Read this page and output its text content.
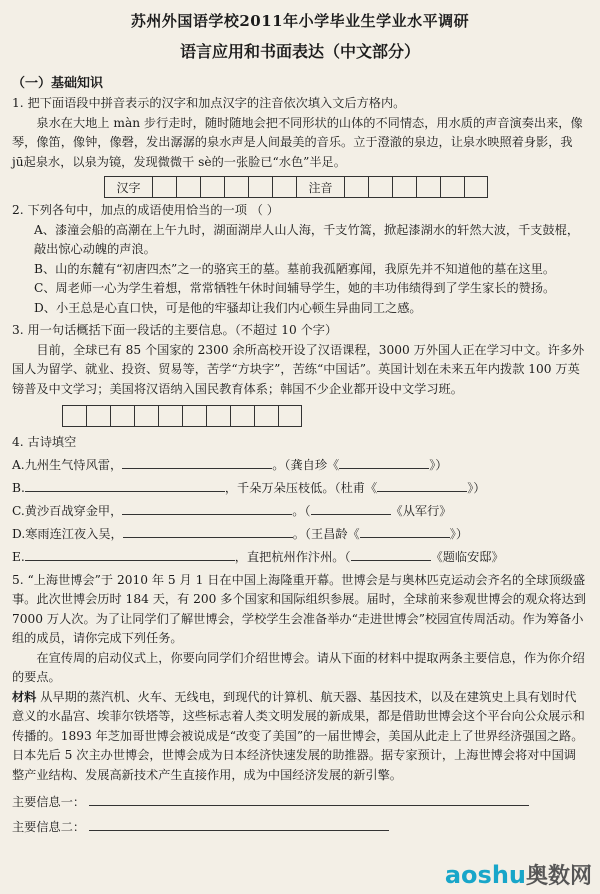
苏州外国语学校2011年小学毕业生学业水平调研
语言应用和书面表达（中文部分）
（一）基础知识

1. 把下面语段中拼音表示的汉字和加点汉字的注音依次填入文后方格内。

泉水在大地上 màn 步行走时，随时随地会把不同形状的山体的不同情态，用水质的声音演奏出来，像琴，像笛，像钟，像磬，发出潺潺的泉水声是人间最美的音乐。立于澄澈的泉边，让泉水映照着身影，我 jū起泉水，以泉为镜，发现微微干 sè的一张脸已“水色”半足。

汉字	注音

2. 下列各句中，加点的成语使用恰当的一项 （ ）

A、漆潼会船的高潮在上午九时，湖面湖岸人山人海，千支竹篙，掀起漆湖水的轩然大波，千支鼓棍，敲出惊心动魄的声浪。

B、山的东麓有“初唐四杰”之一的骆宾王的墓。墓前我孤陋寡闻，我原先并不知道他的墓在这里。

C、周老师一心为学生着想，常常牺牲午休时间辅导学生，她的丰功伟绩得到了学生家长的赞扬。

D、小王总是心直口快，可是他的牢骚却让我们内心顿生异曲同工之感。

3. 用一句话概括下面一段话的主要信息。（不超过 10 个字）

目前，全球已有 85 个国家的 2300 余所高校开设了汉语课程，3000 万外国人正在学习中文。许多外国人为留学、就业、投资、贸易等，苦学“方块字”，苦练“中国话”。英国计划在未来五年内拨款 100 万英镑普及中文学习；美国将汉语纳入国民教育体系；韩国不少企业都开设中文学习班。

4. 古诗填空

A. 九州生气恃风雷，	。（龚自珍《	》）
B.	，千朵万朵压枝低。（杜甫《	》）
C. 黄沙百战穿金甲，	。（	《从军行》
D. 寒雨连江夜入吴，	。（王昌龄《	》）
E.	，直把杭州作汴州。（	《题临安邸》

5. “上海世博会”于 2010 年 5 月 1 日在中国上海隆重开幕。世博会是与奥林匹克运动会齐名的全球顶级盛事。此次世博会历时 184 天，有 200 多个国家和国际组织参展。届时，全球前来参观世博会的观众将达到 7000 万人次。为了让同学们了解世博会，学校学生会准备举办“走进世博会”校园宣传周活动。作为筹备小组的成员，请你完成下列任务。

在宣传周的启动仪式上，你要向同学们介绍世博会。请从下面的材料中提取两条主要信息，作为你介绍的要点。

材料 从早期的蒸汽机、火车、无线电，到现代的计算机、航天器、基因技术，以及在建筑史上具有划时代意义的水晶宫、埃菲尔铁塔等，这些标志着人类文明发展的新成果，都是借助世博会这个平台向公众展示和传播的。1893 年芝加哥世博会被说成是“改变了美国”的一届世博会，美国从此走上了世界经济强国之路。日本先后 5 次主办世博会，世博会成为日本经济快速发展的助推器。据专家预计，上海世博会将对中国调整产业结构、发展高新技术产生直接作用，成为中国经济发展的新引擎。

主要信息一：
主要信息二：
aoshu奥数网
